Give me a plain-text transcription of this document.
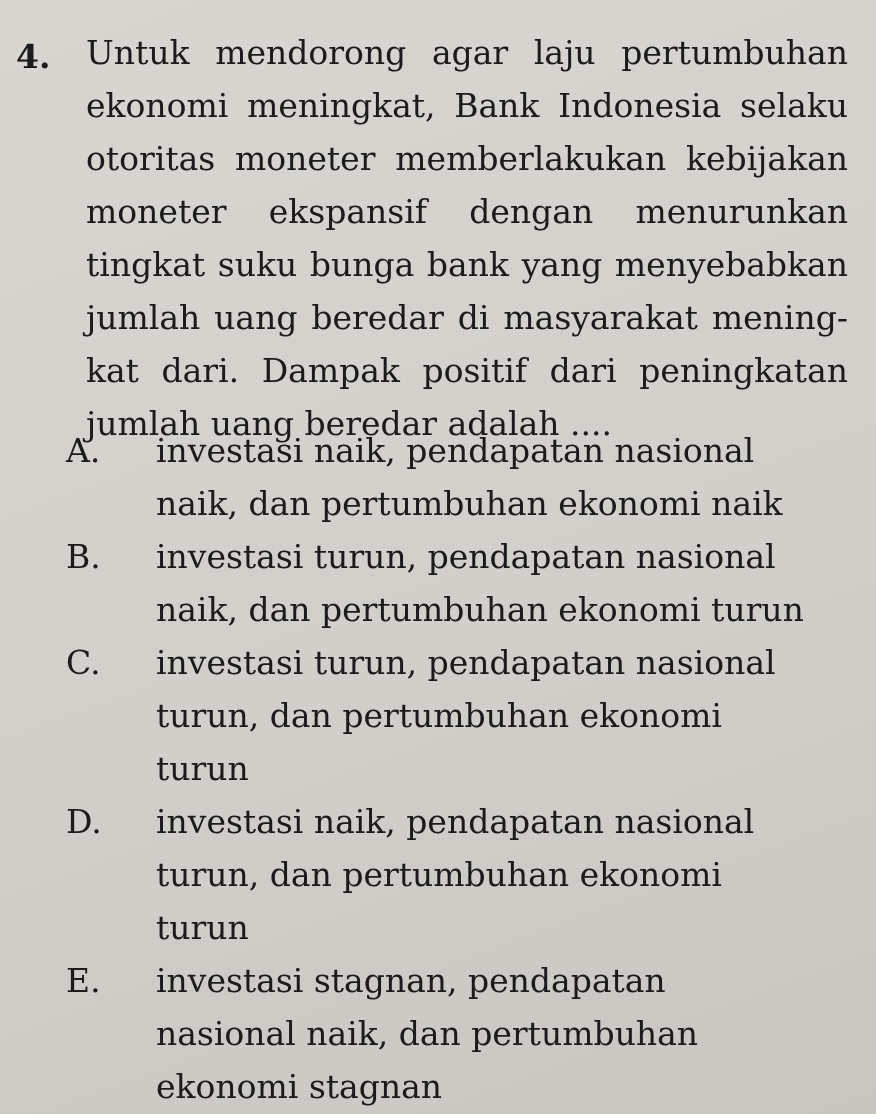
4. Untuk mendorong agar laju pertumbuhan
ekonomi meningkat, Bank Indonesia selaku
otoritas moneter memberlakukan kebijakan
moneter ekspansif dengan menurunkan
tingkat suku bunga bank yang menyebabkan
jumlah uang beredar di masyarakat mening-
kat dari. Dampak positif dari peningkatan
jumlah uang beredar adalah ....
A. investasi naik, pendapatan nasional
naik, dan pertumbuhan ekonomi naik
B. investasi turun, pendapatan nasional
naik, dan pertumbuhan ekonomi turun
C. investasi turun, pendapatan nasional
turun, dan pertumbuhan ekonomi
turun
D. investasi naik, pendapatan nasional
turun, dan pertumbuhan ekonomi
turun
E. investasi stagnan, pendapatan
nasional naik, dan pertumbuhan
ekonomi stagnan
